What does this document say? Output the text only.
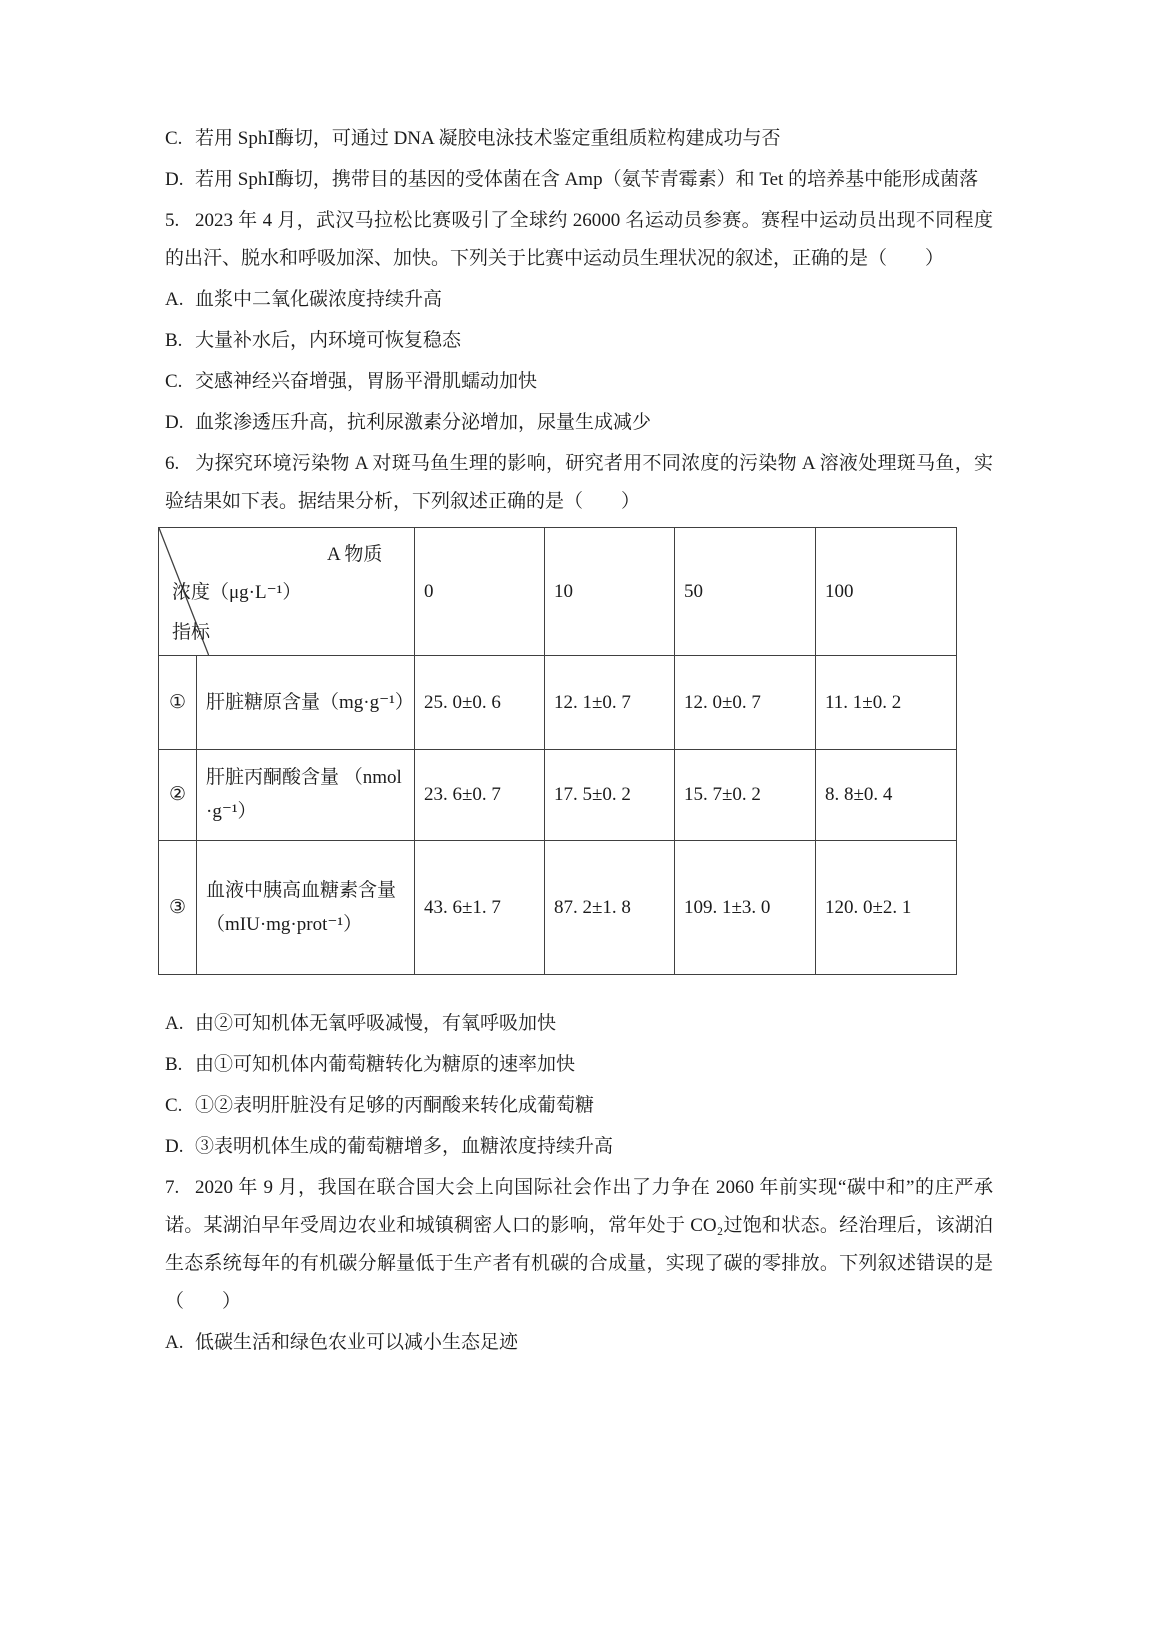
C. 若用 SphⅠ酶切，可通过 DNA 凝胶电泳技术鉴定重组质粒构建成功与否

D. 若用 SphⅠ酶切，携带目的基因的受体菌在含 Amp（氨苄青霉素）和 Tet 的培养基中能形成菌落

5. 2023 年 4 月，武汉马拉松比赛吸引了全球约 26000 名运动员参赛。赛程中运动员出现不同程度的出汗、脱水和呼吸加深、加快。下列关于比赛中运动员生理状况的叙述，正确的是（　　）

A. 血浆中二氧化碳浓度持续升高

B. 大量补水后，内环境可恢复稳态

C. 交感神经兴奋增强，胃肠平滑肌蠕动加快

D. 血浆渗透压升高，抗利尿激素分泌增加，尿量生成减少

6. 为探究环境污染物 A 对斑马鱼生理的影响，研究者用不同浓度的污染物 A 溶液处理斑马鱼，实验结果如下表。据结果分析，下列叙述正确的是（　　）

A 物质
浓度（μg·L⁻¹）
指标		0	10	50	100
①	肝脏糖原含量（mg·g⁻¹）	25. 0±0. 6	12. 1±0. 7	12. 0±0. 7	11. 1±0. 2
②	肝脏丙酮酸含量 （nmol·g⁻¹）	23. 6±0. 7	17. 5±0. 2	15. 7±0. 2	8. 8±0. 4
③	血液中胰高血糖素含量（mIU·mg·prot⁻¹）	43. 6±1. 7	87. 2±1. 8	109. 1±3. 0	120. 0±2. 1

A. 由②可知机体无氧呼吸减慢，有氧呼吸加快

B. 由①可知机体内葡萄糖转化为糖原的速率加快

C. ①②表明肝脏没有足够的丙酮酸来转化成葡萄糖

D. ③表明机体生成的葡萄糖增多，血糖浓度持续升高

7. 2020 年 9 月，我国在联合国大会上向国际社会作出了力争在 2060 年前实现“碳中和”的庄严承诺。某湖泊早年受周边农业和城镇稠密人口的影响，常年处于 CO₂过饱和状态。经治理后，该湖泊生态系统每年的有机碳分解量低于生产者有机碳的合成量，实现了碳的零排放。下列叙述错误的是（　　）

A. 低碳生活和绿色农业可以减小生态足迹
